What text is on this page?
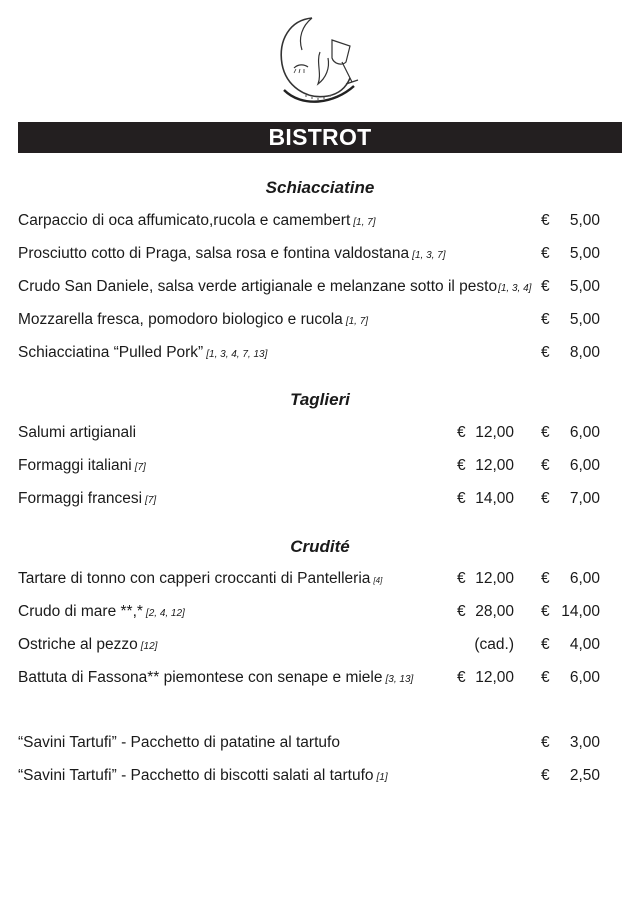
BISTROT
Schiacciatine
Carpaccio di oca affumicato,rucola e camembert [1, 7]	€ 5,00
Prosciutto cotto di Praga, salsa rosa e fontina valdostana [1, 3, 7]	€ 5,00
Crudo San Daniele, salsa verde artigianale e melanzane sotto il pesto[1, 3, 4] € 5,00
Mozzarella fresca, pomodoro biologico e rucola [1, 7]	€ 5,00
Schiacciatina “Pulled Pork” [1, 3, 4, 7, 13]	€ 8,00
Taglieri
Salumi artigianali	€ 12,00 € 6,00
Formaggi italiani [7]	€ 12,00 € 6,00
Formaggi francesi [7]	€ 14,00 € 7,00
Crudité
Tartare di tonno con capperi croccanti di Pantelleria [4]	€ 12,00 € 6,00
Crudo di mare **,* [2, 4, 12]	€ 28,00 € 14,00
Ostriche al pezzo [12]	(cad.) € 4,00
Battuta di Fassona** piemontese con senape e miele [3, 13]	€ 12,00 € 6,00
“Savini Tartufi” - Pacchetto di patatine al tartufo	€ 3,00
“Savini Tartufi” - Pacchetto di biscotti salati al tartufo [1]	€ 2,50
